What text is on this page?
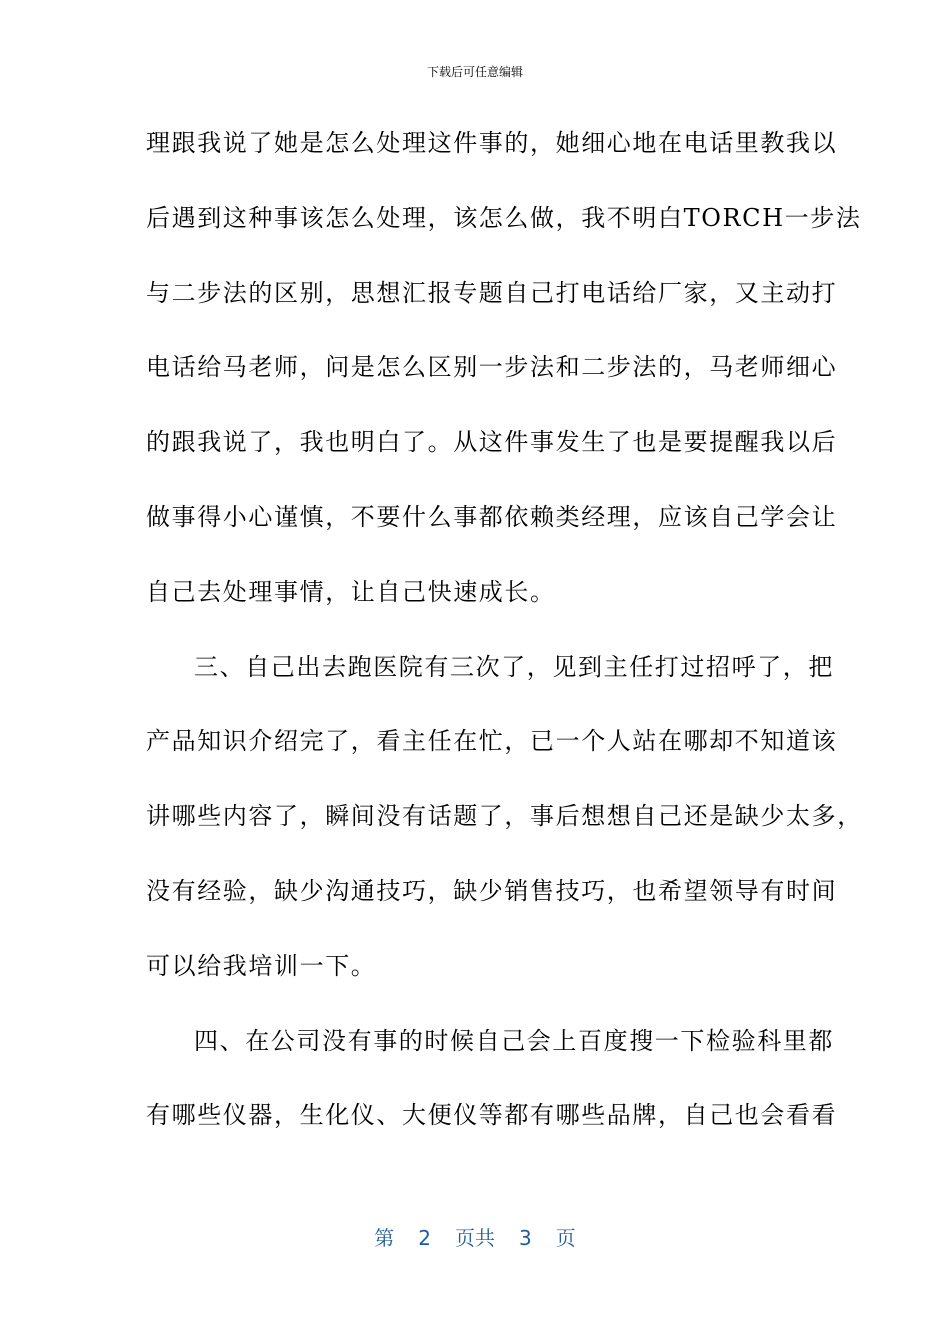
下载后可任意编辑
理跟我说了她是怎么处理这件事的，她细心地在电话里教我以
后遇到这种事该怎么处理，该怎么做，我不明白TORCH一步法
与二步法的区别，思想汇报专题自己打电话给厂家，又主动打
电话给马老师，问是怎么区别一步法和二步法的，马老师细心
的跟我说了，我也明白了。从这件事发生了也是要提醒我以后
做事得小心谨慎，不要什么事都依赖类经理，应该自己学会让
自己去处理事情，让自己快速成长。
三、自己出去跑医院有三次了，见到主任打过招呼了，把
产品知识介绍完了，看主任在忙，已一个人站在哪却不知道该
讲哪些内容了，瞬间没有话题了，事后想想自己还是缺少太多，
没有经验，缺少沟通技巧，缺少销售技巧，也希望领导有时间
可以给我培训一下。
四、在公司没有事的时候自己会上百度搜一下检验科里都
有哪些仪器，生化仪、大便仪等都有哪些品牌，自己也会看看
第 2 页共 3 页
